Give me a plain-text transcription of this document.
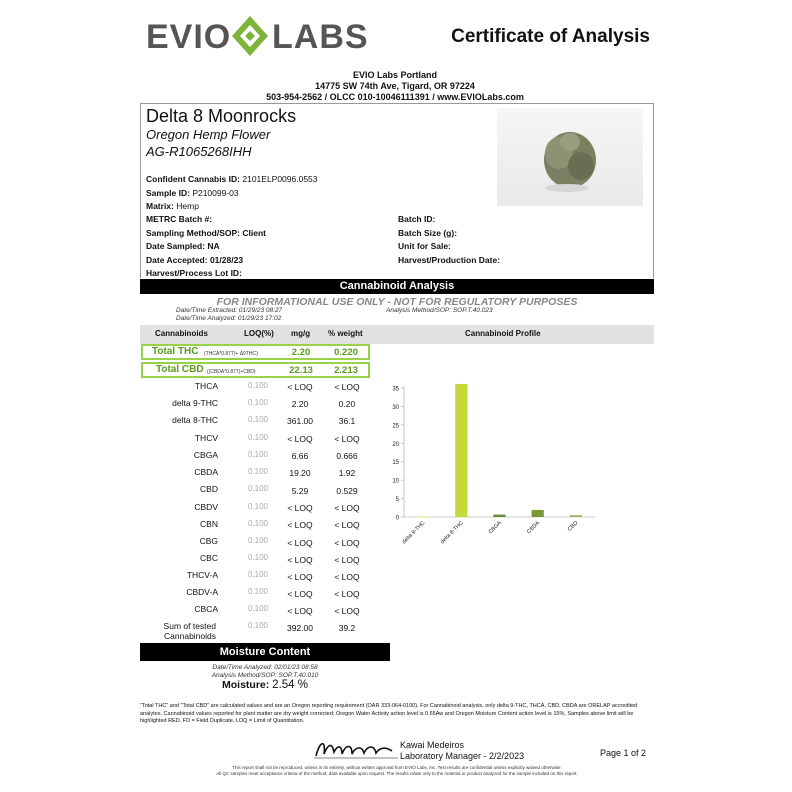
EVIO LABS	Certificate of Analysis
EVIO Labs Portland
14775 SW 74th Ave, Tigard, OR 97224
503-954-2562 / OLCC 010-10046111391 / www.EVIOLabs.com
Delta 8 Moonrocks
Oregon Hemp Flower
AG-R1065268IHH
Confident Cannabis ID: 2101ELP0096.0553
Sample ID: P210099-03
Matrix: Hemp
METRC Batch #:
Sampling Method/SOP: Client
Date Sampled: NA
Date Accepted: 01/28/23
Harvest/Process Lot ID:
Batch ID:
Batch Size (g):
Unit for Sale:
Harvest/Production Date:
Cannabinoid Analysis
FOR INFORMATIONAL USE ONLY - NOT FOR REGULATORY PURPOSES
Date/Time Extracted: 01/29/23 08:27
Date/Time Analyzed: 01/29/23 17:02
Analysis Method/SOP: SOP.T.40.023
Cannabinoids	LOQ(%) mg/g % weight	Cannabinoid Profile
Total THC (THCA*0.877)+ Δ9THC)	2.20	0.220
Total CBD ((CBDA*0.877)+CBD)	22.13	2.213
THCA	0.100	< LOQ	< LOQ
delta 9-THC	0.100	2.20	0.20
delta 8-THC	0.100	361.00	36.1
THCV	0.100	< LOQ	< LOQ
CBGA	0.100	6.66	0.666
CBDA	0.100	19.20	1.92
CBD	0.100	5.29	0.529
CBDV	0.100	< LOQ	< LOQ
CBN	0.100	< LOQ	< LOQ
CBG	0.100	< LOQ	< LOQ
CBC	0.100	< LOQ	< LOQ
THCV-A	0.100	< LOQ	< LOQ
CBDV-A	0.100	< LOQ	< LOQ
CBCA	0.100	< LOQ	< LOQ
Sum of tested
Cannabinoids
0.100	392.00	39.2
0
5
10
15
20
25
30
35
delta 9-THC delta 8-THC	CBGA	CBDA	CBD
Moisture Content
Date/Time Analyzed: 02/01/23 08:58
Analysis Method/SOP: SOP.T.40.010
Moisture: 2.54 %
"Total THC" and "Total CBD" are calculated values and are an Oregon reporting requirement (OAR 333-064-0100). For Cannabinoid analysis, only delta 9-THC, THCA, CBD, CBDA are ORELAP accredited analytes. Cannabinoid values reported for plant matter are dry weight corrected; Oregon Water Activity action level is 0.65Aw and Oregon Moisture Content action level is 15%, Samples above limit will be highlighted RED, FD = Field Duplicate, LOQ = Limit of Quantitation.
Kawai Medeiros
Laboratory Manager - 2/2/2023	Page 1 of 2
This report shall not be reproduced, unless in its entirety, without written approval from EVIO Labs, Inc. Test results are confidential unless explicitly waived otherwise.
All QC samples meet acceptance criteria of the method, data available upon request. The results relate only to the material or product analyzed for the sample included on this report.
